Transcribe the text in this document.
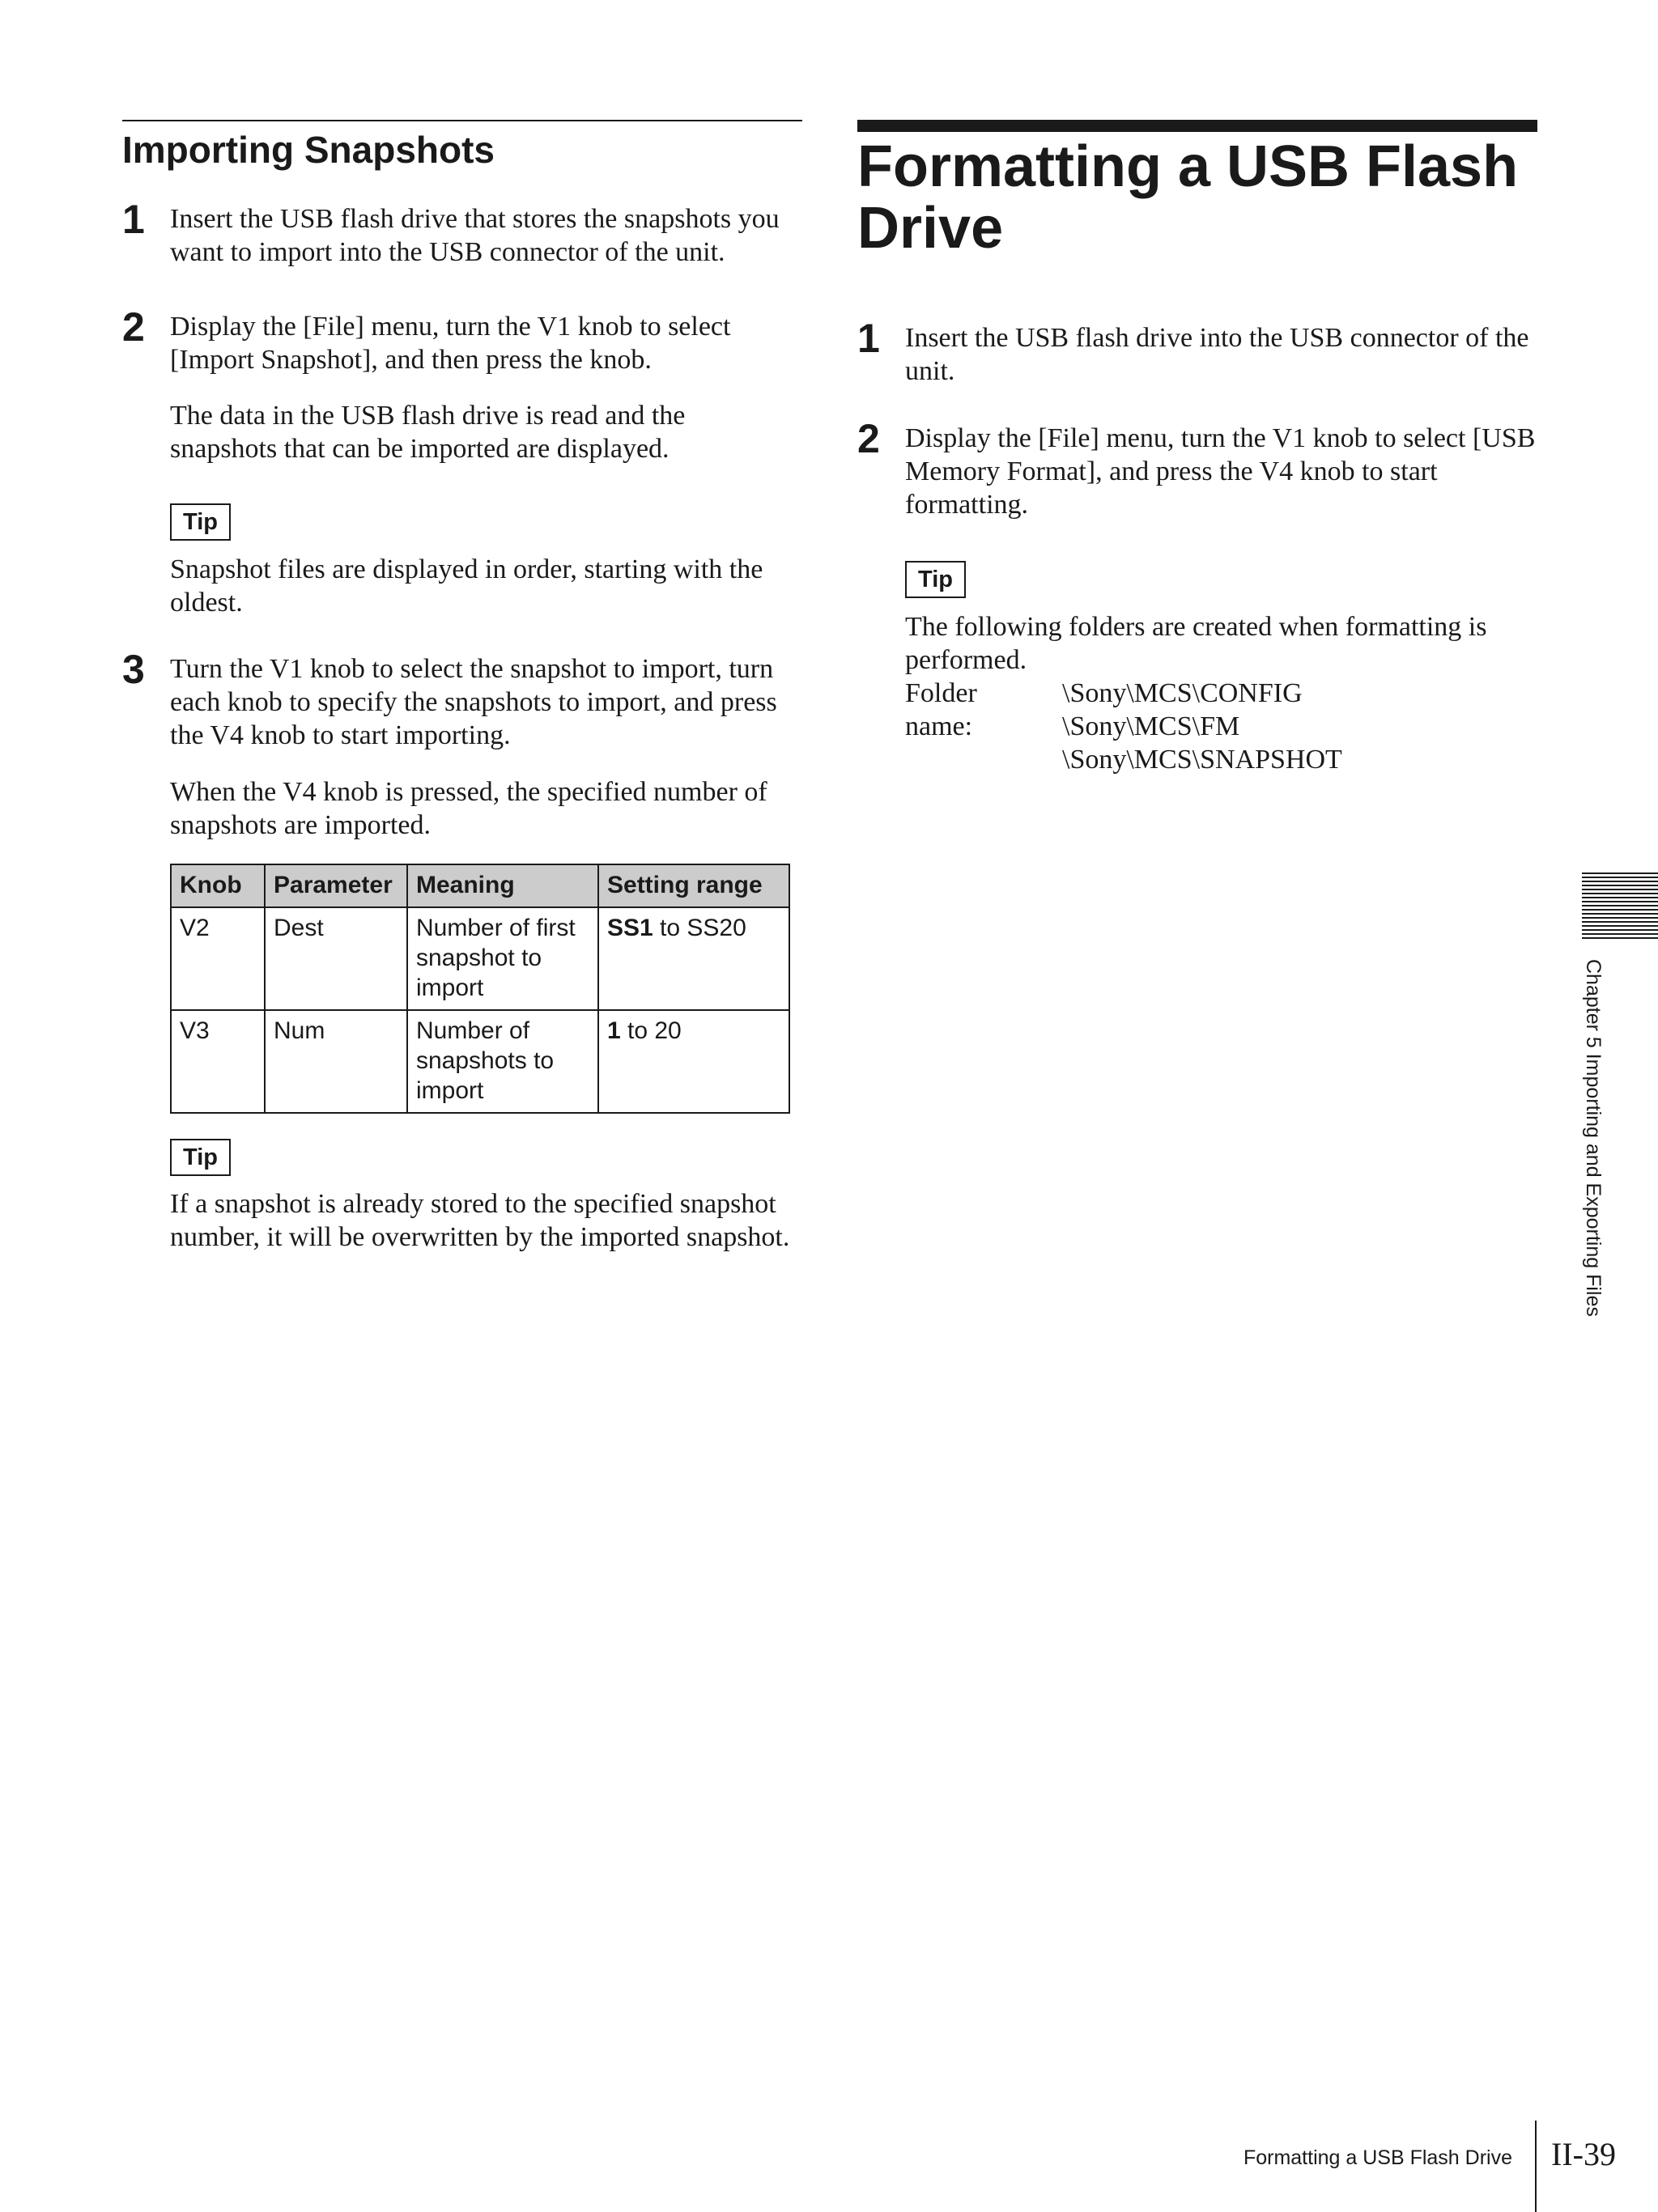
Importing Snapshots
1 Insert the USB flash drive that stores the snapshots you want to import into the USB connector of the unit.
2 Display the [File] menu, turn the V1 knob to select [Import Snapshot], and then press the knob.
The data in the USB flash drive is read and the snapshots that can be imported are displayed.
Tip
Snapshot files are displayed in order, starting with the oldest.
3 Turn the V1 knob to select the snapshot to import, turn each knob to specify the snapshots to import, and press the V4 knob to start importing.
When the V4 knob is pressed, the specified number of snapshots are imported.
Knob	Parameter	Meaning	Setting range
V2	Dest	Number of first snapshot to import	SS1 to SS20
V3	Num	Number of snapshots to import	1 to 20
Tip
If a snapshot is already stored to the specified snapshot number, it will be overwritten by the imported snapshot.
Formatting a USB Flash Drive
1 Insert the USB flash drive into the USB connector of the unit.
2 Display the [File] menu, turn the V1 knob to select [USB Memory Format], and press the V4 knob to start formatting.
Tip
The following folders are created when formatting is performed.
Folder name:
\Sony\MCS\CONFIG
\Sony\MCS\FM
\Sony\MCS\SNAPSHOT
Chapter 5 Importing and Exporting Files
Formatting a USB Flash Drive II-39
